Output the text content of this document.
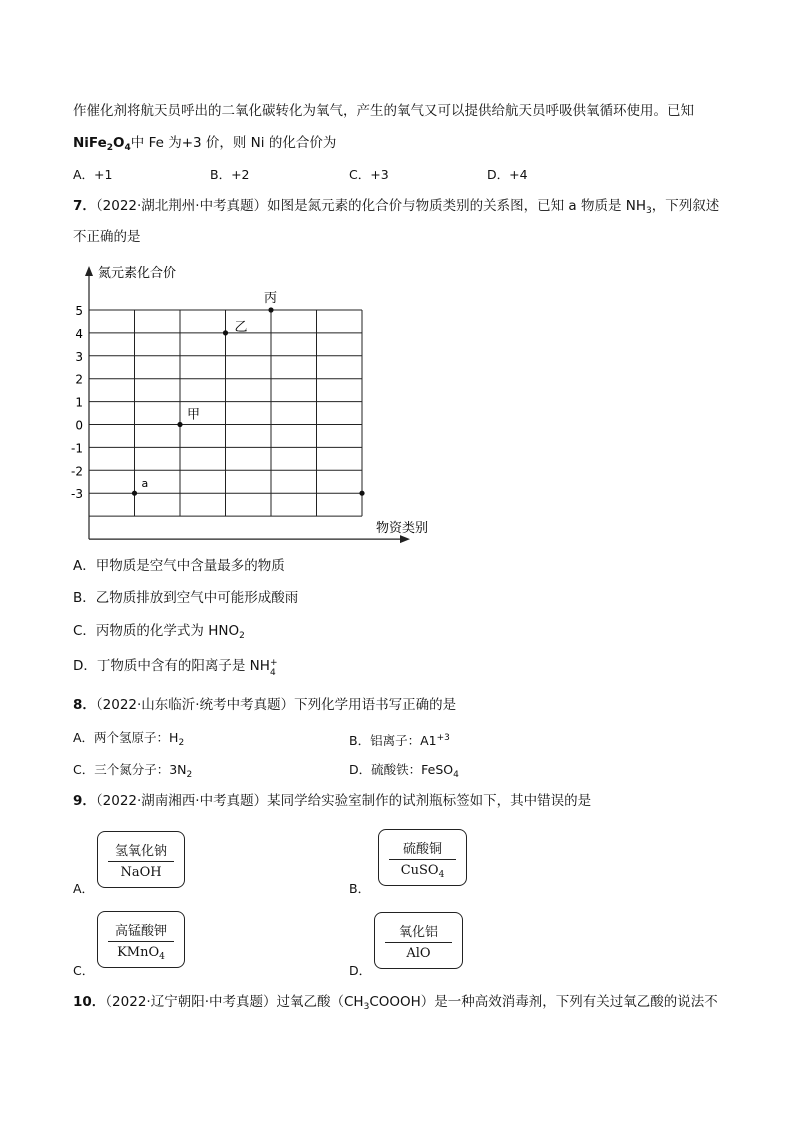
作催化剂将航天员呼出的二氧化碳转化为氧气，产生的氧气又可以提供给航天员呼吸供氧循环使用。已知
$NiFe_2O_4$中 Fe 为+3 价，则 Ni 的化合价为
A．+1	B．+2	C．+3	D．+4
7．（2022·湖北荆州·中考真题）如图是氮元素的化合价与物质类别的关系图，已知 a 物质是 $NH_3$，下列叙述
不正确的是
5
4
3
2
1
0
-1
-2
-3
a
甲
乙
丙
氮元素化合价
物资类别
A．甲物质是空气中含量最多的物质
B．乙物质排放到空气中可能形成酸雨
C．丙物质的化学式为 $HNO_2$
D．丁物质中含有的阳离子是 NH +
4
8．（2022·山东临沂·统考中考真题）下列化学用语书写正确的是
A．两个氢原子：$H_2$	B．铝离子：$A1^{+3}$
C．三个氮分子：$3N_2$	D．硫酸铁：FeSO$_4$
9．（2022·湖南湘西·中考真题）某同学给实验室制作的试剂瓶标签如下，其中错误的是
A．
氢氧化钠
NaOH
B．
硫酸铜
CuSO$_4$
C．
高锰酸钾
KMnO$_4$
D．
氧化铝
AlO
10．（2022·辽宁朝阳·中考真题）过氧乙酸$(CH_3COOOH)$是一种高效消毒剂，下列有关过氧乙酸的说法不
